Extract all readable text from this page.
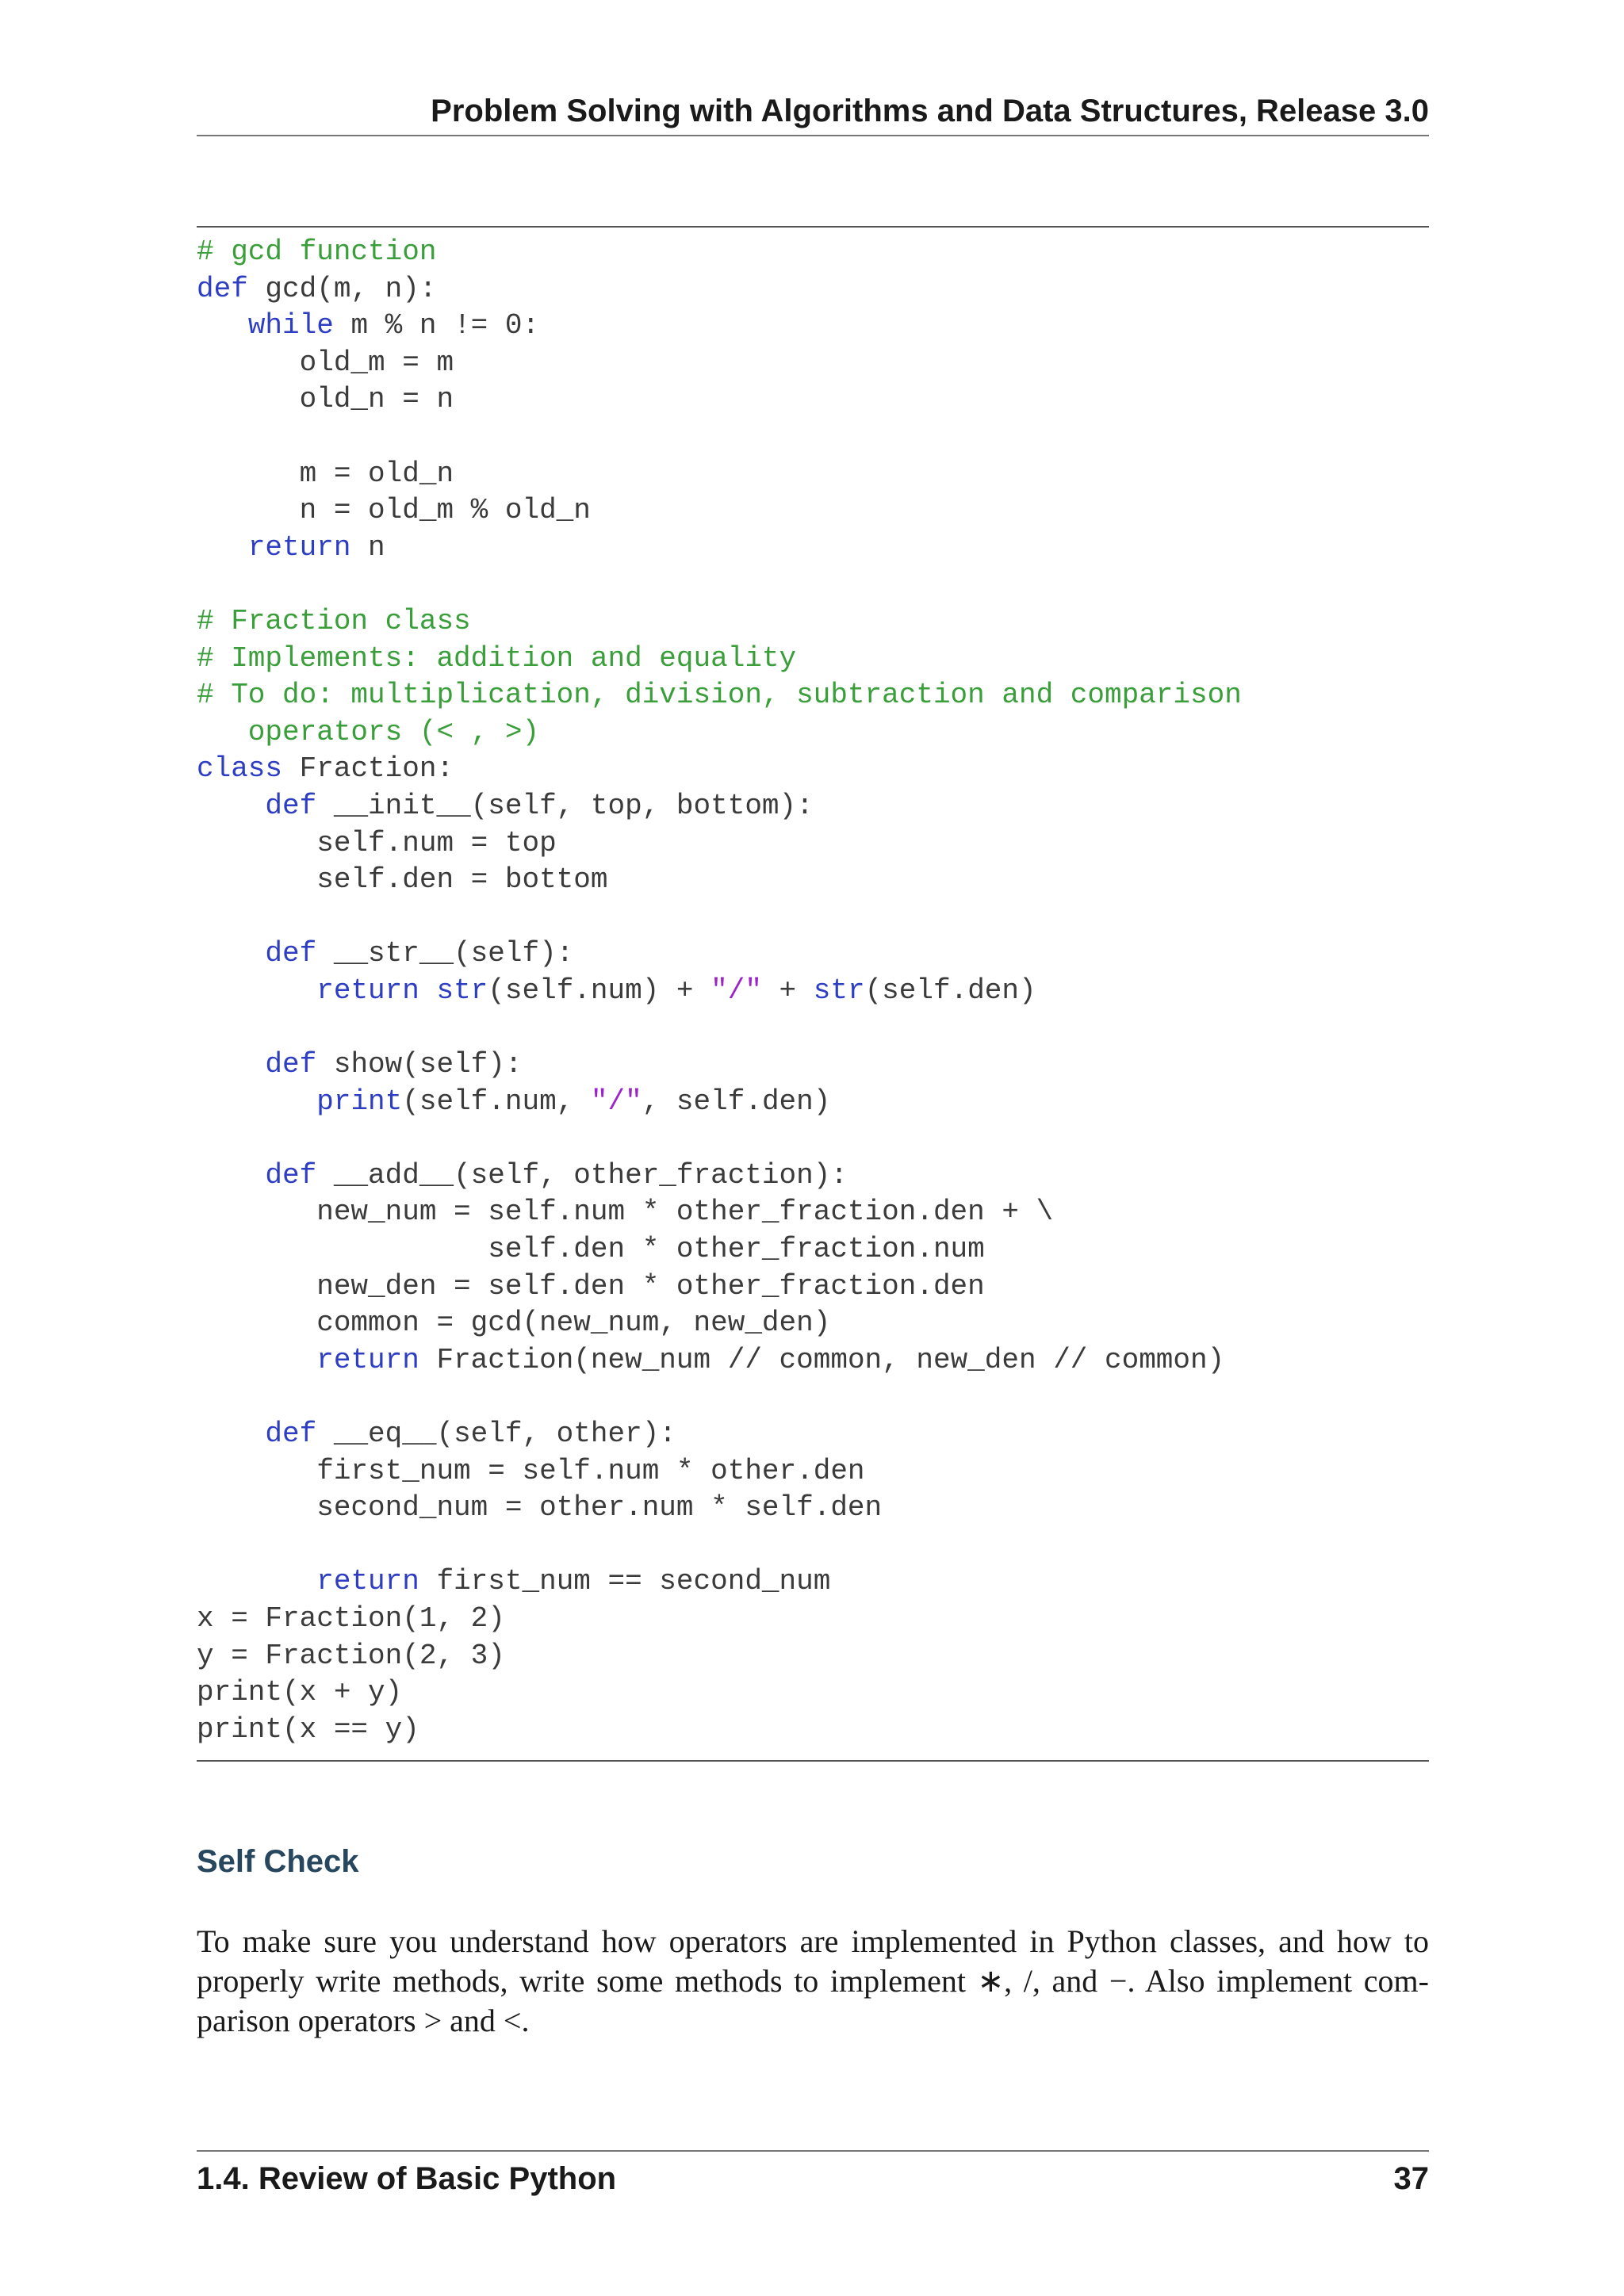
Problem Solving with Algorithms and Data Structures, Release 3.0
# gcd function
def gcd(m, n):
while m % n != 0:
old_m = m
old_n = n
m = old_n
n = old_m % old_n
return n
# Fraction class
# Implements: addition and equality
# To do: multiplication, division, subtraction and comparison
operators (< , >)
class Fraction:
def __init__(self, top, bottom):
self.num = top
self.den = bottom
def __str__(self):
return str(self.num) + "/" + str(self.den)
def show(self):
print(self.num, "/", self.den)
def __add__(self, other_fraction):
new_num = self.num * other_fraction.den + \
self.den * other_fraction.num
new_den = self.den * other_fraction.den
common = gcd(new_num, new_den)
return Fraction(new_num // common, new_den // common)
def __eq__(self, other):
first_num = self.num * other.den
second_num = other.num * self.den
return first_num == second_num
x = Fraction(1, 2)
y = Fraction(2, 3)
print(x + y)
print(x == y)
Self Check
To make sure you understand how operators are implemented in Python classes, and how to properly write methods, write some methods to implement ∗, /, and −. Also implement com-parison operators > and <.
1.4. Review of Basic Python	37
